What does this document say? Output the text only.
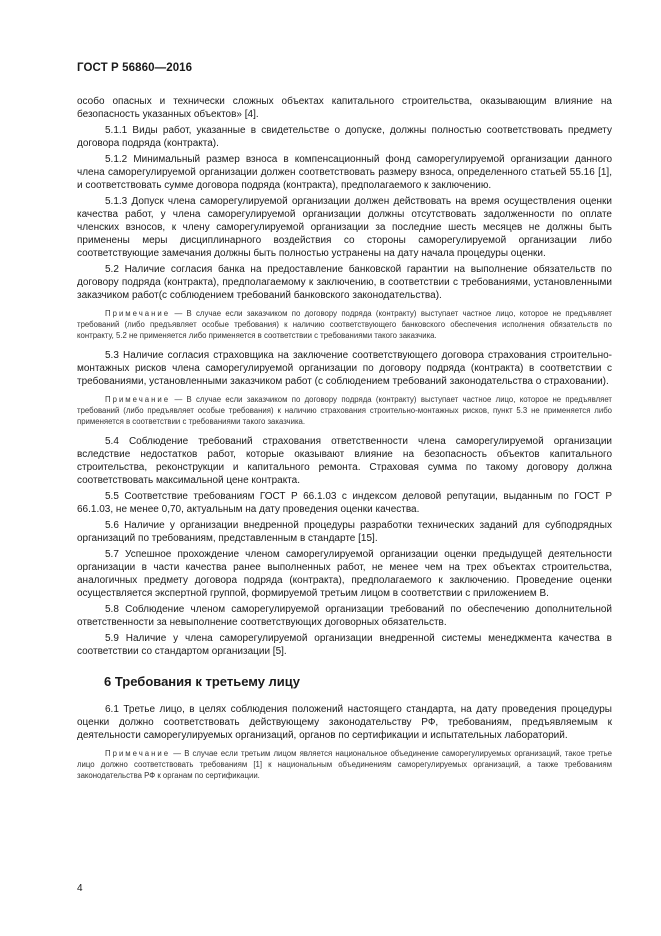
ГОСТ Р 56860—2016

особо опасных и технически сложных объектах капитального строительства, оказывающим влияние на безопасность указанных объектов» [4].

5.1.1 Виды работ, указанные в свидетельстве о допуске, должны полностью соответствовать предмету договора подряда (контракта).

5.1.2 Минимальный размер взноса в компенсационный фонд саморегулируемой организации данного члена саморегулируемой организации должен соответствовать размеру взноса, определенного статьей 55.16 [1], и соответствовать сумме договора подряда (контракта), предполагаемого к заключению.

5.1.3 Допуск члена саморегулируемой организации должен действовать на время осуществления оценки качества работ, у члена саморегулируемой организации должны отсутствовать задолженности по оплате членских взносов, к члену саморегулируемой организации за последние шесть месяцев не должны быть применены меры дисциплинарного воздействия со стороны саморегулируемой организации либо соответствующие замечания должны быть полностью устранены на дату начала процедуры оценки.

5.2 Наличие согласия банка на предоставление банковской гарантии на выполнение обязательств по договору подряда (контракта), предполагаемому к заключению, в соответствии с требованиями, установленными заказчиком работ(с соблюдением требований банковского законодательства).

Примечание — В случае если заказчиком по договору подряда (контракту) выступает частное лицо, которое не предъявляет требований (либо предъявляет особые требования) к наличию соответствующего банковского обеспечения исполнения обязательств по контракту, 5.2 не применяется либо применяется в соответствии с требованиями такого заказчика.

5.3 Наличие согласия страховщика на заключение соответствующего договора страхования строительно-монтажных рисков члена саморегулируемой организации по договору подряда (контракта) в соответствии с требованиями, установленными заказчиком работ (с соблюдением требований законодательства о страховании).

Примечание — В случае если заказчиком по договору подряда (контракту) выступает частное лицо, которое не предъявляет требований (либо предъявляет особые требования) к наличию страхования строительно-монтажных рисков, пункт 5.3 не применяется либо применяется в соответствии с требованиями такого заказчика.

5.4 Соблюдение требований страхования ответственности члена саморегулируемой организации вследствие недостатков работ, которые оказывают влияние на безопасность объектов капитального строительства, реконструкции и капитального ремонта. Страховая сумма по такому договору должна соответствовать максимальной цене контракта.

5.5 Соответствие требованиям ГОСТ Р 66.1.03 с индексом деловой репутации, выданным по ГОСТ Р 66.1.03, не менее 0,70, актуальным на дату проведения оценки качества.

5.6 Наличие у организации внедренной процедуры разработки технических заданий для субподрядных организаций по требованиям, представленным в стандарте [15].

5.7 Успешное прохождение членом саморегулируемой организации оценки предыдущей деятельности организации в части качества ранее выполненных работ, не менее чем на трех объектах строительства, аналогичных предмету договора подряда (контракта), предполагаемого к заключению. Проведение оценки осуществляется экспертной группой, формируемой третьим лицом в соответствии с приложением В.

5.8 Соблюдение членом саморегулируемой организации требований по обеспечению дополнительной ответственности за невыполнение соответствующих договорных обязательств.

5.9 Наличие у члена саморегулируемой организации внедренной системы менеджмента качества в соответствии со стандартом организации [5].

6 Требования к третьему лицу

6.1 Третье лицо, в целях соблюдения положений настоящего стандарта, на дату проведения процедуры оценки должно соответствовать действующему законодательству РФ, требованиям, предъявляемым к деятельности саморегулируемых организаций, органов по сертификации и испытательных лабораторий.

Примечание — В случае если третьим лицом является национальное объединение саморегулируемых организаций, такое третье лицо должно соответствовать требованиям [1] к национальным объединениям саморегулируемых организаций, а также требованиям законодательства РФ к органам по сертификации.

4
